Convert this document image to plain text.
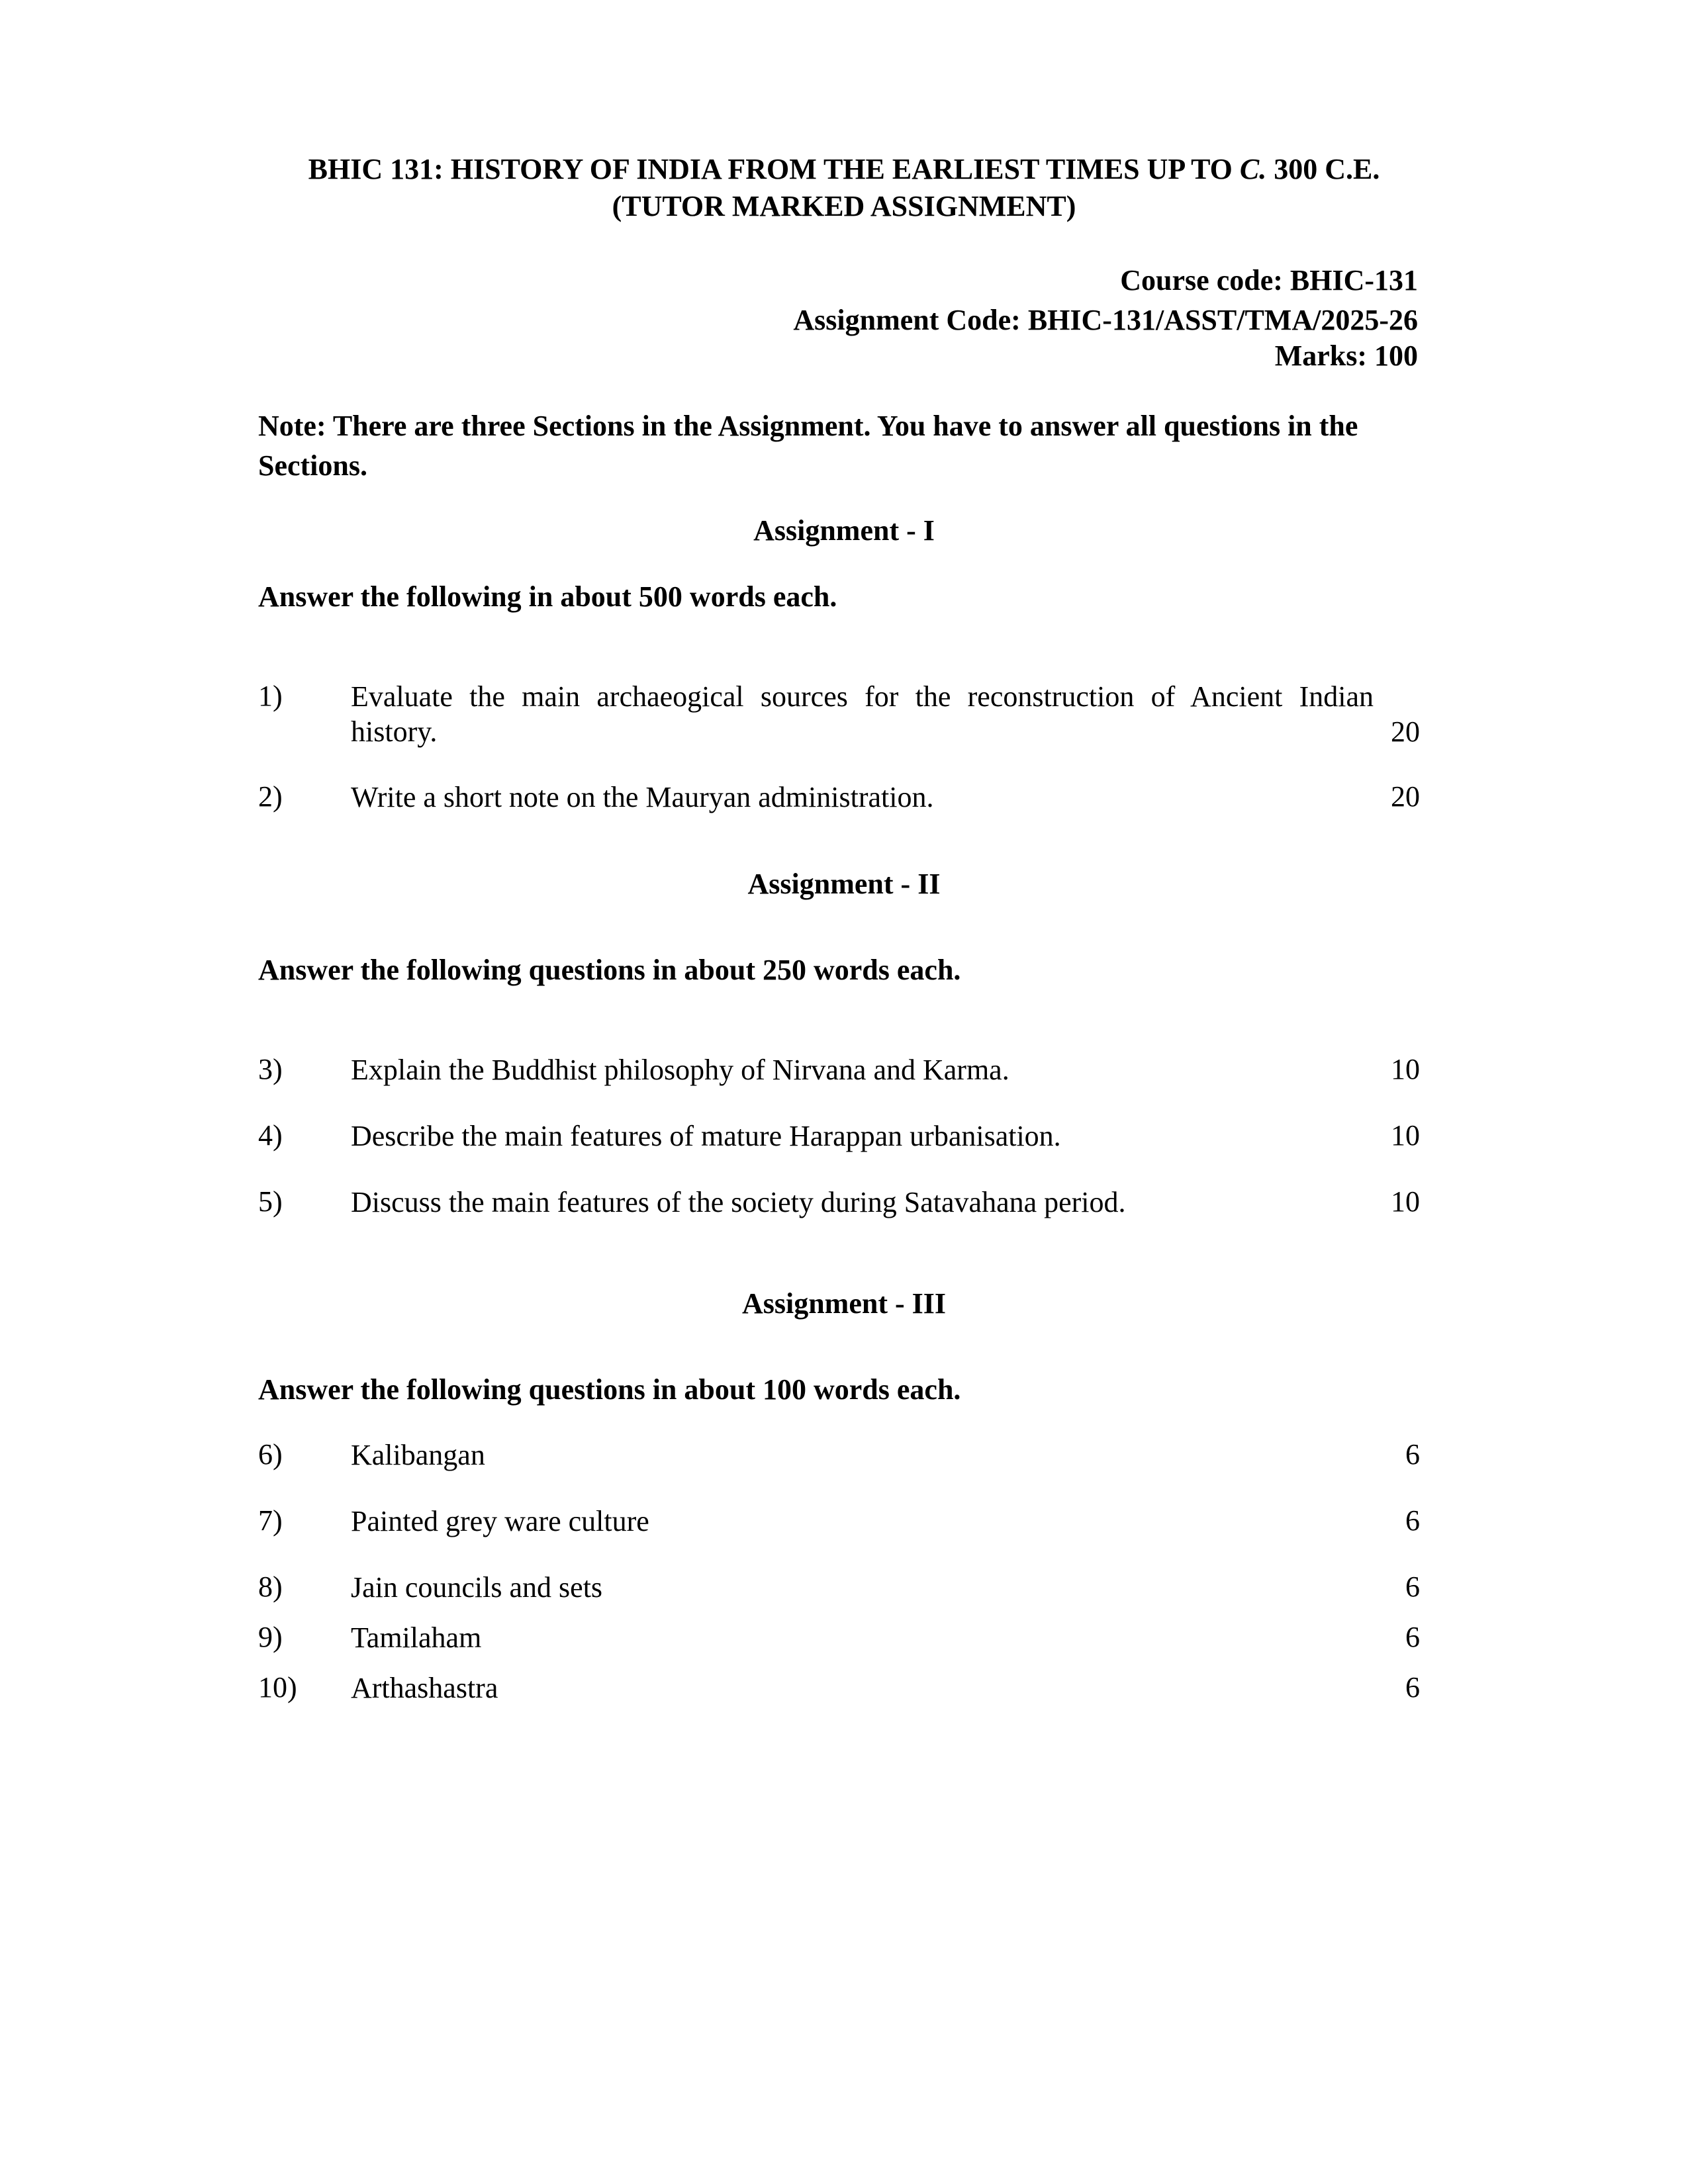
BHIC 131: HISTORY OF INDIA FROM THE EARLIEST TIMES UP TO C. 300 C.E.
(TUTOR MARKED ASSIGNMENT)
Course code: BHIC-131
Assignment Code: BHIC-131/ASST/TMA/2025-26
Marks: 100
Note: There are three Sections in the Assignment. You have to answer all questions in the Sections.
Assignment - I
Answer the following in about 500 words each.
1) Evaluate the main archaeogical sources for the reconstruction of Ancient Indian
history.	20
2) Write a short note on the Mauryan administration.	20
Assignment - II
Answer the following questions in about 250 words each.
3) Explain the Buddhist philosophy of Nirvana and Karma.	10
4) Describe the main features of mature Harappan urbanisation.	10
5) Discuss the main features of the society during Satavahana period.	10
Assignment - III
Answer the following questions in about 100 words each.
6) Kalibangan	6
7) Painted grey ware culture	6
8) Jain councils and sets	6
9) Tamilaham	6
10) Arthashastra	6
